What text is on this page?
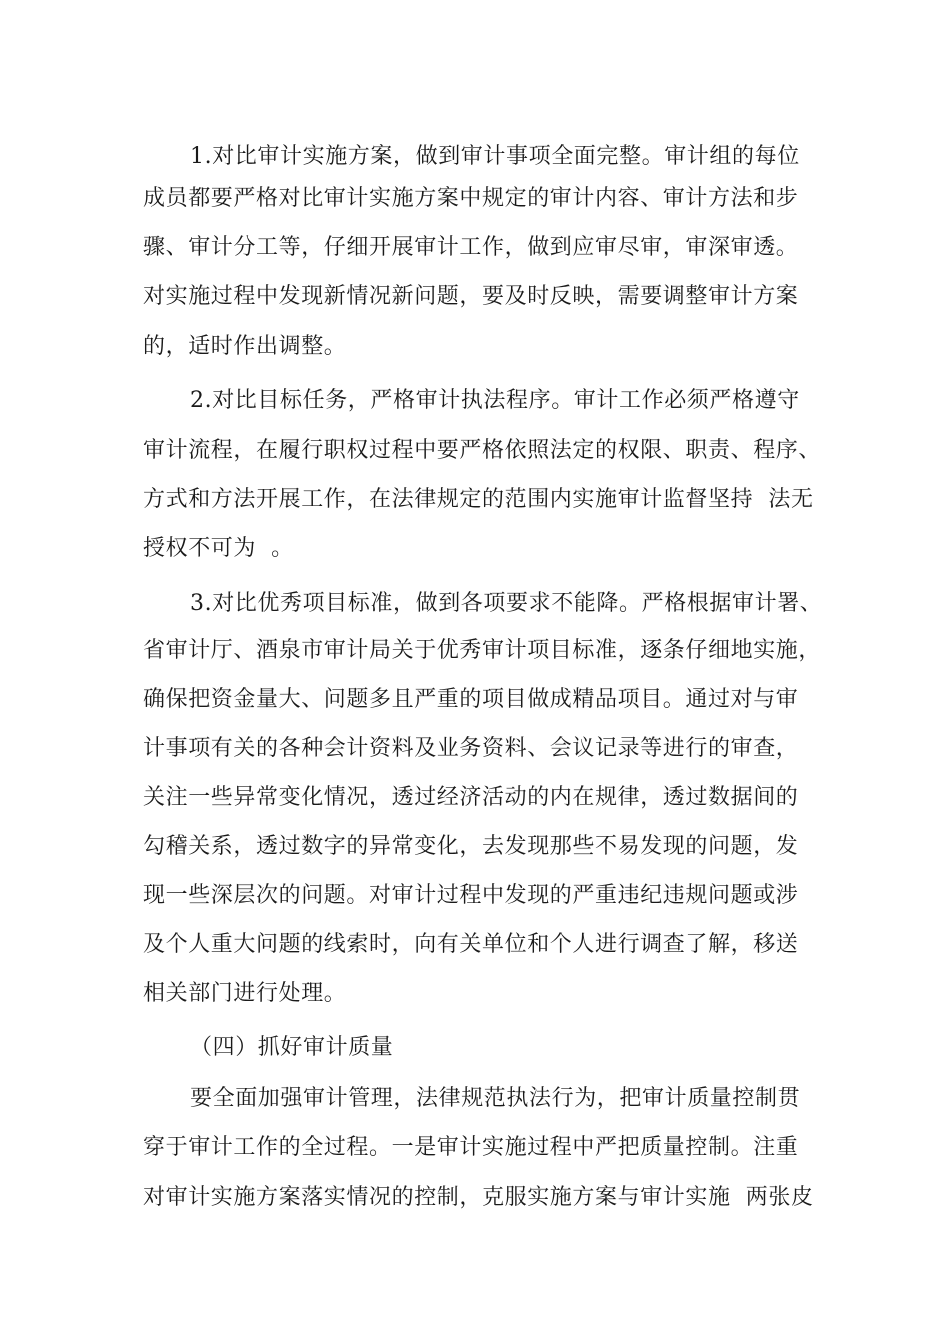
1.对比审计实施方案，做到审计事项全面完整。审计组的每位
成员都要严格对比审计实施方案中规定的审计内容、审计方法和步
骤、审计分工等，仔细开展审计工作，做到应审尽审，审深审透。
对实施过程中发现新情况新问题，要及时反映，需要调整审计方案
的，适时作出调整。
2.对比目标任务，严格审计执法程序。审计工作必须严格遵守
审计流程，在履行职权过程中要严格依照法定的权限、职责、程序、
方式和方法开展工作，在法律规定的范围内实施审计监督坚持  法无
授权不可为  。
3.对比优秀项目标准，做到各项要求不能降。严格根据审计署、
省审计厅、酒泉市审计局关于优秀审计项目标准，逐条仔细地实施，
确保把资金量大、问题多且严重的项目做成精品项目。通过对与审
计事项有关的各种会计资料及业务资料、会议记录等进行的审查，
关注一些异常变化情况，透过经济活动的内在规律，透过数据间的
勾稽关系，透过数字的异常变化，去发现那些不易发现的问题，发
现一些深层次的问题。对审计过程中发现的严重违纪违规问题或涉
及个人重大问题的线索时，向有关单位和个人进行调查了解，移送
相关部门进行处理。
（四）抓好审计质量
要全面加强审计管理，法律规范执法行为，把审计质量控制贯
穿于审计工作的全过程。一是审计实施过程中严把质量控制。注重
对审计实施方案落实情况的控制，克服实施方案与审计实施  两张皮
